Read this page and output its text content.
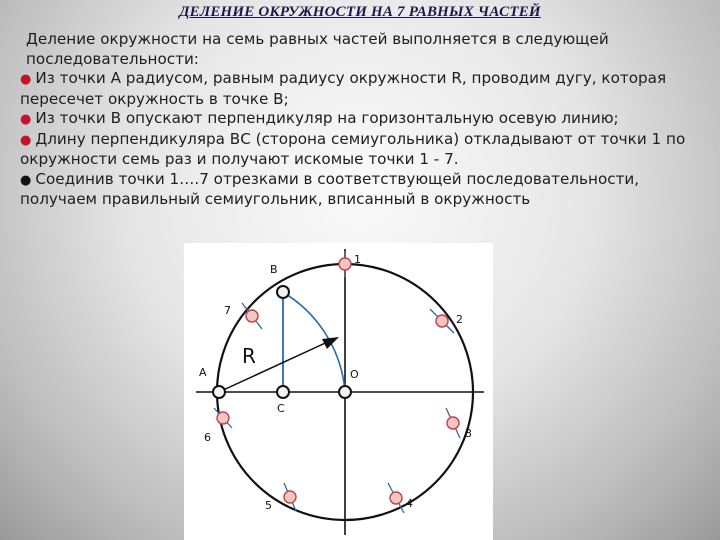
ДЕЛЕНИЕ ОКРУЖНОСТИ НА 7 РАВНЫХ ЧАСТЕЙ

Деление окружности на семь равных частей выполняется в следующей последовательности:

● Из точки А радиусом, равным радиусу окружности R, проводим дугу, которая пересечет окружность в точке В;

● Из точки В опускают перпендикуляр на горизонтальную осевую линию;

● Длину перпендикуляра ВС (сторона семиугольника) откладывают от точки 1 по окружности семь раз и получают искомые точки 1 - 7.

● Соединив точки 1….7 отрезками в соответствующей последовательности, получаем правильный семиугольник, вписанный в окружность

A
B
C
O
R
1
2
3
4
5
6
7
